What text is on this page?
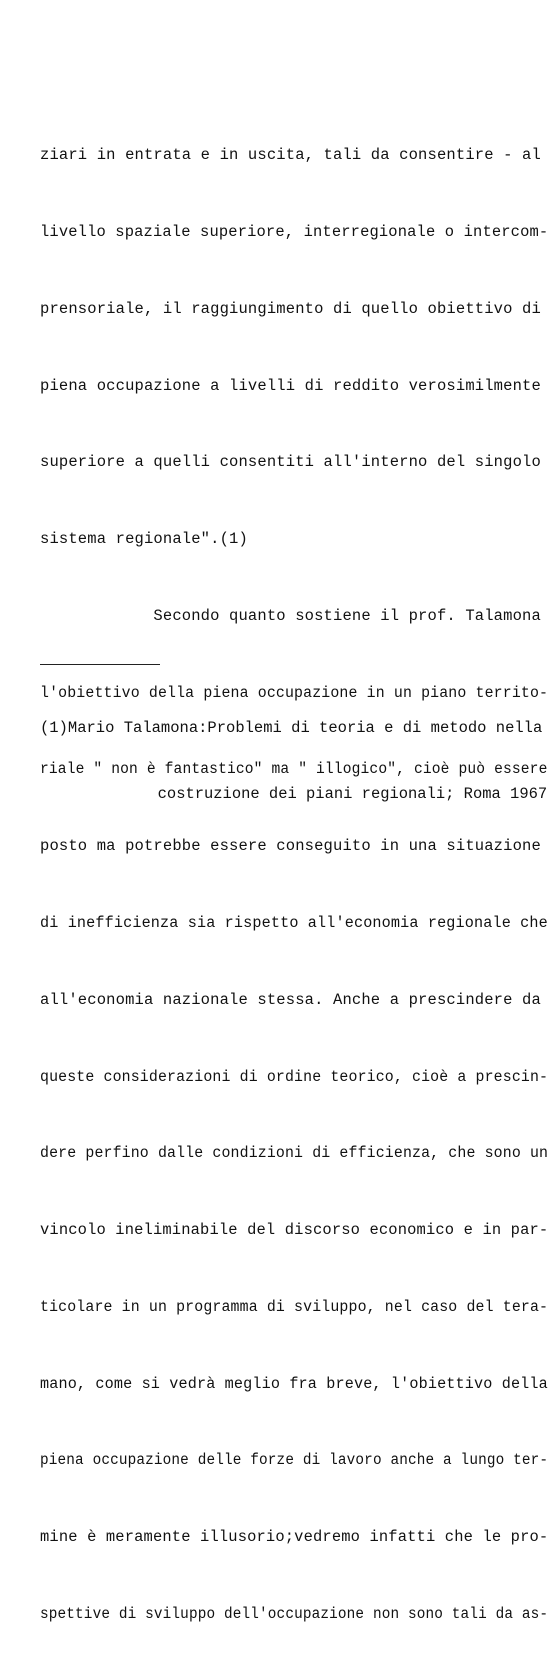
ziari in entrata e in uscita, tali da consentire - al

livello spaziale superiore, interregionale o intercom-

prensoriale, il raggiungimento di quello obiettivo di

piena occupazione a livelli di reddito verosimilmente

superiore a quelli consentiti all'interno del singolo

sistema regionale".(1)

Secondo quanto sostiene il prof. Talamona

l'obiettivo della piena occupazione in un piano territo-

riale " non è fantastico" ma " illogico", cioè può essere

posto ma potrebbe essere conseguito in una situazione

di inefficienza sia rispetto all'economia regionale che

all'economia nazionale stessa. Anche a prescindere da

queste considerazioni di ordine teorico, cioè a prescin-

dere perfino dalle condizioni di efficienza, che sono un

vincolo ineliminabile del discorso economico e in par-

ticolare in un programma di sviluppo, nel caso del tera-

mano, come si vedrà meglio fra breve, l'obiettivo della

piena occupazione delle forze di lavoro anche a lungo ter-

mine è meramente illusorio;vedremo infatti che le pro-

spettive di sviluppo dell'occupazione non sono tali da as-

(1)Mario Talamona:Problemi di teoria e di metodo nella

costruzione dei piani regionali; Roma 1967
